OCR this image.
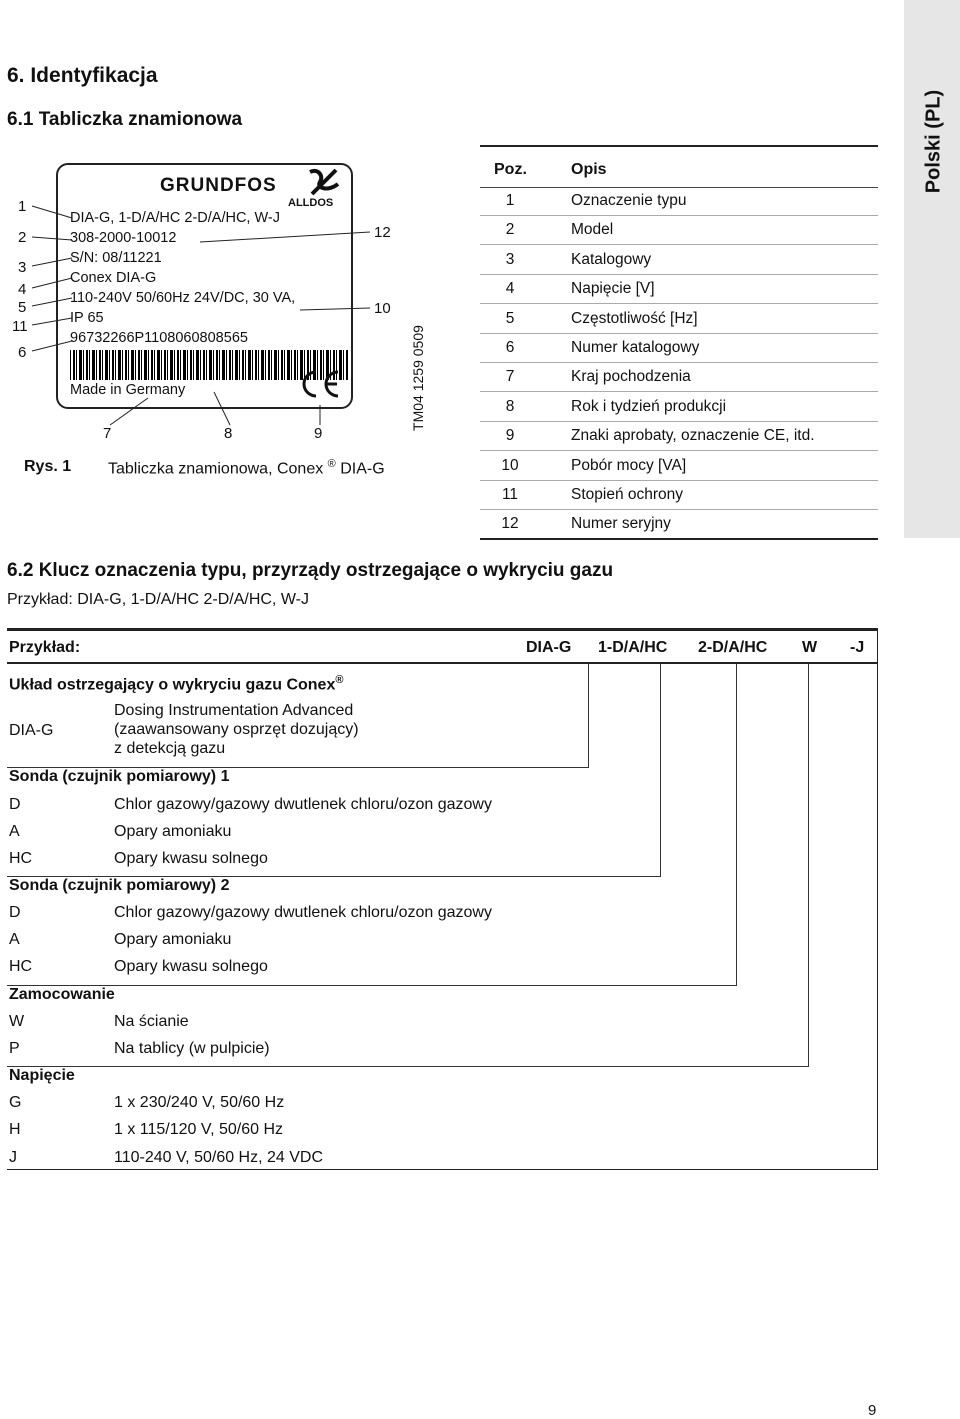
Polski (PL)
6. Identyfikacja
6.1 Tabliczka znamionowa
GRUNDFOS
ALLDOS
DIA-G, 1-D/A/HC 2-D/A/HC, W-J
308-2000-10012
S/N: 08/11221
Conex DIA-G
110-240V 50/60Hz 24V/DC, 30 VA,
IP 65
96732266P1108060808565
Made in Germany
1
2
3
4
5
11
6
12
10
7	8	9
TM04 1259 0509
Rys. 1 Tabliczka znamionowa, Conex ® DIA-G
Poz.	Opis
1	Oznaczenie typu
2	Model
3	Katalogowy
4	Napięcie [V]
5	Częstotliwość [Hz]
6	Numer katalogowy
7	Kraj pochodzenia
8	Rok i tydzień produkcji
9	Znaki aprobaty, oznaczenie CE, itd.
10	Pobór mocy [VA]
11	Stopień ochrony
12	Numer seryjny
6.2 Klucz oznaczenia typu, przyrządy ostrzegające o wykryciu gazu
Przykład: DIA-G, 1-D/A/HC 2-D/A/HC, W-J
Przykład:	DIA-G 1-D/A/HC 2-D/A/HC W -J
Układ ostrzegający o wykryciu gazu Conex®
DIA-G
Dosing Instrumentation Advanced
(zaawansowany osprzęt dozujący)
z detekcją gazu
Sonda (czujnik pomiarowy) 1
D	Chlor gazowy/gazowy dwutlenek chloru/ozon gazowy
A	Opary amoniaku
HC	Opary kwasu solnego
Sonda (czujnik pomiarowy) 2
D	Chlor gazowy/gazowy dwutlenek chloru/ozon gazowy
A	Opary amoniaku
HC	Opary kwasu solnego
Zamocowanie
W	Na ścianie
P	Na tablicy (w pulpicie)
Napięcie
G	1 x 230/240 V, 50/60 Hz
H	1 x 115/120 V, 50/60 Hz
J	110-240 V, 50/60 Hz, 24 VDC
9
